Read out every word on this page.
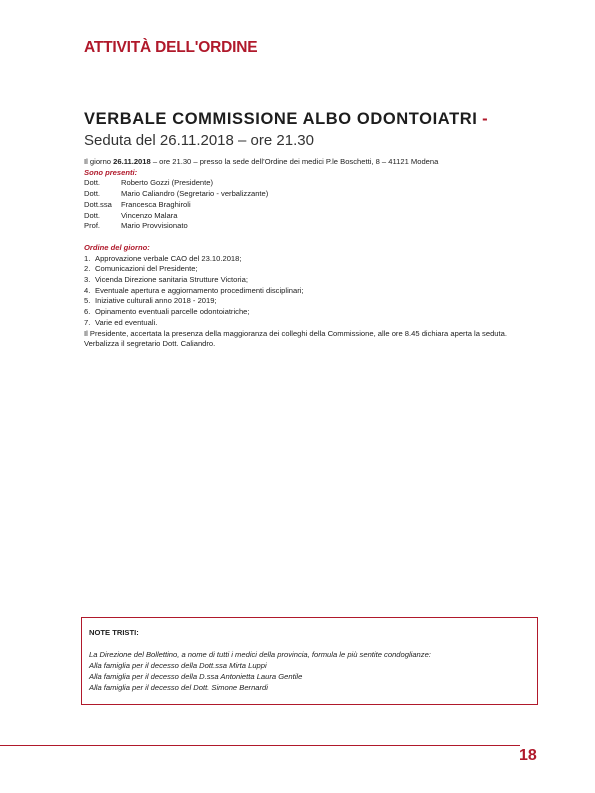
ATTIVITÀ DELL'ORDINE
VERBALE COMMISSIONE ALBO ODONTOIATRI - Seduta del 26.11.2018 – ore 21.30
Il giorno 26.11.2018 – ore 21.30 – presso la sede dell’Ordine dei medici P.le Boschetti, 8 – 41121 Modena
Sono presenti:
Dott.	Roberto Gozzi (Presidente)
Dott.	Mario Caliandro (Segretario - verbalizzante)
Dott.ssa	Francesca Braghiroli
Dott.	Vincenzo Malara
Prof.	Mario Provvisionato
Ordine del giorno:
1. Approvazione verbale CAO del 23.10.2018;
2. Comunicazioni del Presidente;
3. Vicenda Direzione sanitaria Strutture Victoria;
4. Eventuale apertura e aggiornamento procedimenti disciplinari;
5. Iniziative culturali anno 2018 - 2019;
6. Opinamento eventuali parcelle odontoiatriche;
7. Varie ed eventuali.
Il Presidente, accertata la presenza della maggioranza dei colleghi della Commissione, alle ore 8.45 dichiara aperta la seduta.
Verbalizza il segretario Dott. Caliandro.
NOTE TRISTI:
La Direzione del Bollettino, a nome di tutti i medici della provincia, formula le più sentite condoglianze:
Alla famiglia per il decesso della Dott.ssa Mirta Luppi
Alla famiglia per il decesso della D.ssa Antonietta Laura Gentile
Alla famiglia per il decesso del Dott. Simone Bernardi
18
